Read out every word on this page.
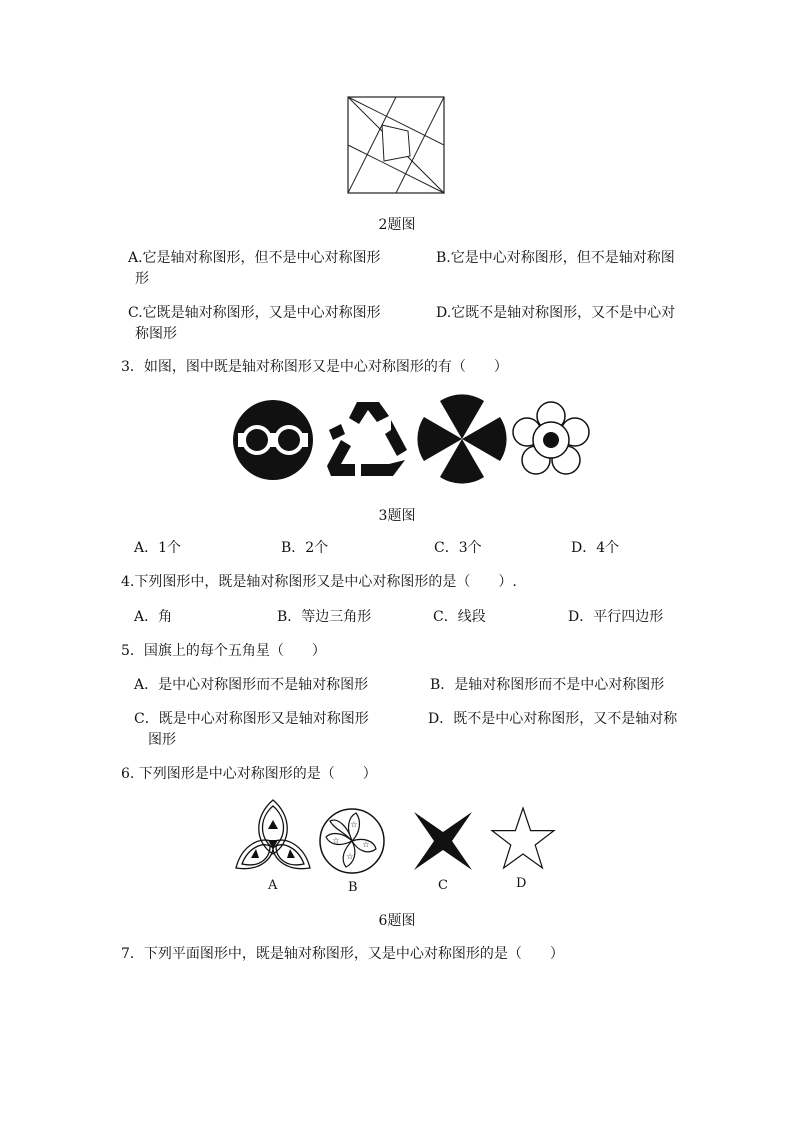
2题图
A.它是轴对称图形，但不是中心对称图形
形
B.它是中心对称图形，但不是轴对称图
C.它既是轴对称图形，又是中心对称图形
称图形
D.它既不是轴对称图形，又不是中心对
3．如图，图中既是轴对称图形又是中心对称图形的有（　　）
3题图
A．1个	B．2个	C．3个	D．4个
4.下列图形中，既是轴对称图形又是中心对称图形的是（　　）.
A．角	B．等边三角形	C．线段	D．平行四边形
5．国旗上的每个五角星（　　）
A．是中心对称图形而不是轴对称图形	B．是轴对称图形而不是中心对称图形
C．既是中心对称图形又是轴对称图形
图形
D．既不是中心对称图形，又不是轴对称
6. 下列图形是中心对称图形的是（　　）
☆
☆
☆
☆
A	B	C	D
6题图
7．下列平面图形中，既是轴对称图形，又是中心对称图形的是（　　）
